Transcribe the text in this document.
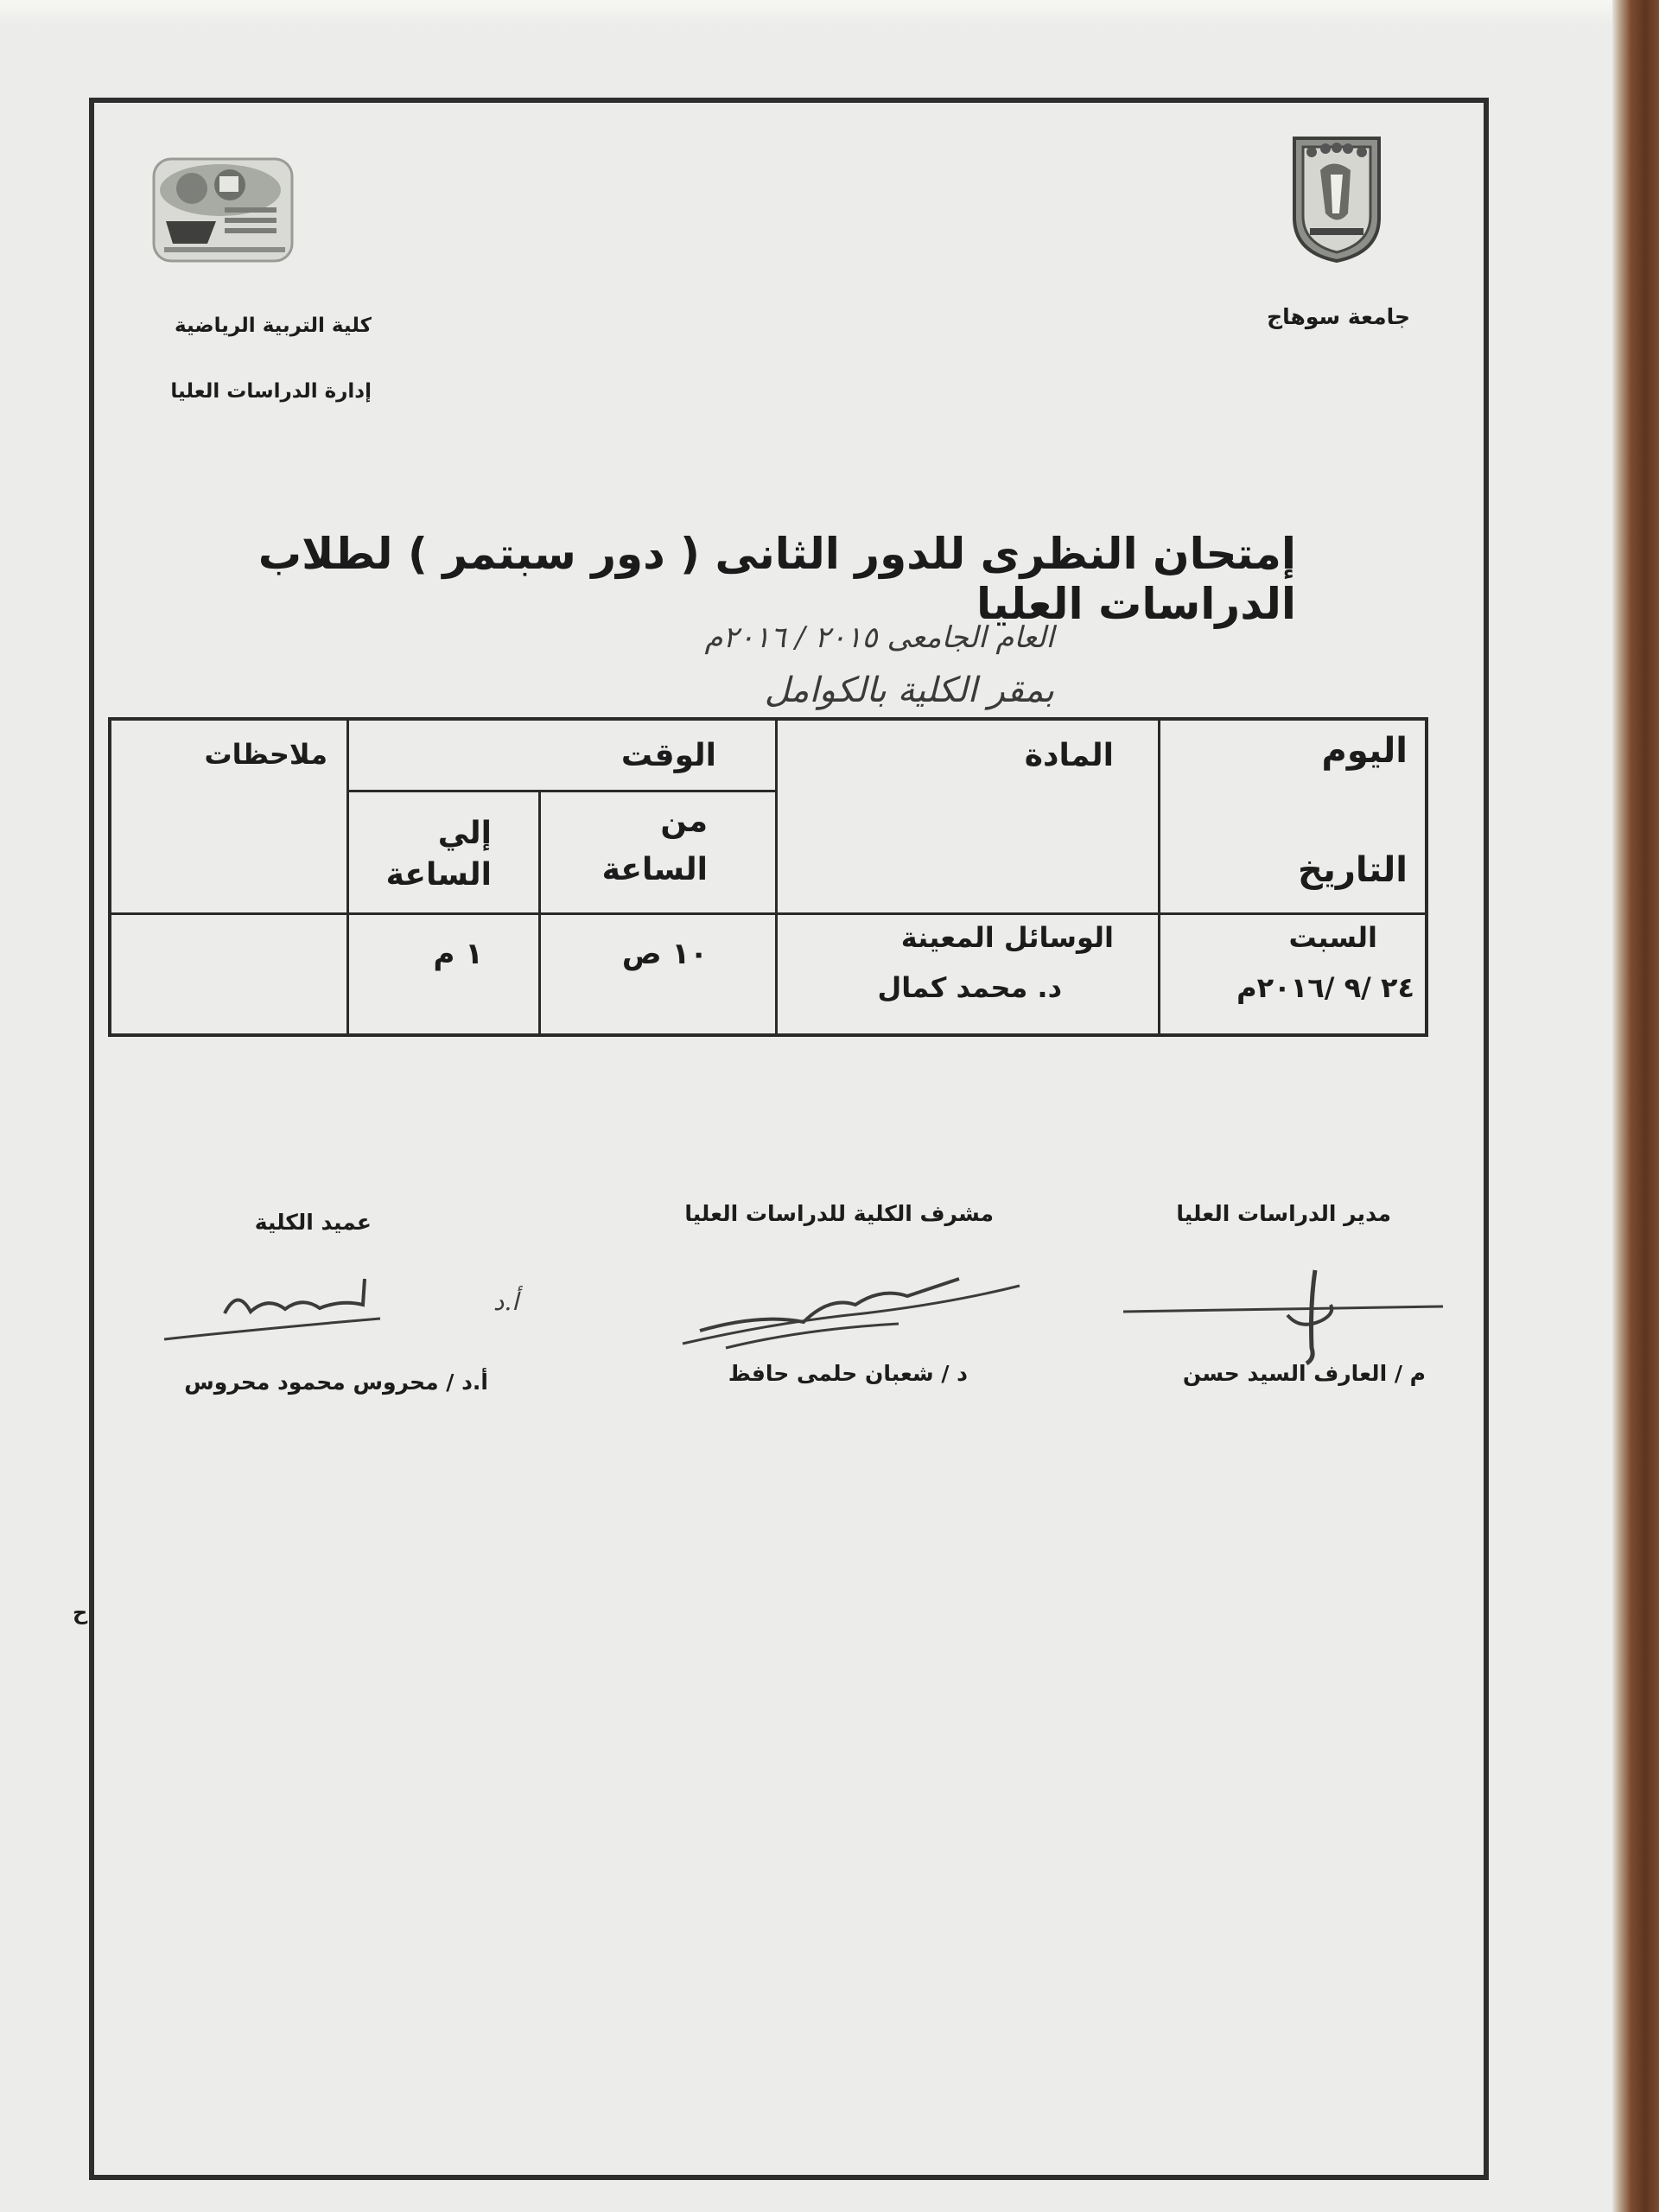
جامعة سوهاج
كلية التربية الرياضية
إدارة الدراسات العليا
إمتحان النظرى للدور الثانى ( دور سبتمر ) لطلاب الدراسات العليا
العام الجامعى ٢٠١٥ / ٢٠١٦م
بمقر الكلية بالكوامل
اليوم
التاريخ
المادة
الوقت
من
الساعة
إلي
الساعة
ملاحظات
السبت
٢٤ /٩ /٢٠١٦م
الوسائل المعينة
د. محمد كمال
١٠ ص
١ م
مدير الدراسات العليا
مشرف الكلية للدراسات العليا
عميد الكلية
أ.د
م / العارف السيد حسن
د / شعبان حلمى حافظ
أ.د / محروس محمود محروس
ح
